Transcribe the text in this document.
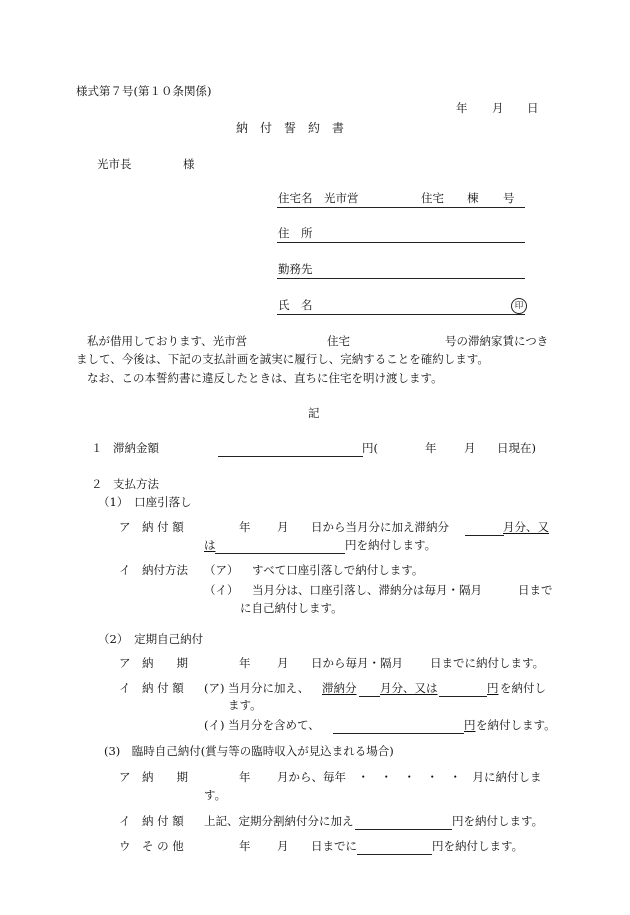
様式第７号(第１０条関係)
年 月 日
納　付　誓　約　書
光市長	様
住宅名 光市営	住宅 棟 号
住　所
勤務先
氏　名	印
私が借用しております、光市営	住宅	号の滞納家賃につき
まして、今後は、下記の支払計画を誠実に履行し、完納することを確約します。
なお、この本誓約書に違反したときは、直ちに住宅を明け渡します。
記
１ 滞納金額	円(	年 月 日現在)
２ 支払方法
（1）　口座引落し
ア　納 付 額	年 月 日から当月分に加え滞納分	月分、又
は	円を納付します。
イ　納付方法 （ア） すべて口座引落しで納付します。
（イ） 当月分は、口座引落し、滞納分は毎月・隔月	日まで
に自己納付します。
（2）　定期自己納付
ア　納　　期	年 月 日から毎月・隔月 日までに納付します。
イ　納 付 額 (ア) 当月分に加え、 滞納分 月分、又は	円 を納付し
ます。
(イ) 当月分を含めて、	円 を納付します。
(3)　臨時自己納付(賞与等の臨時収入が見込まれる場合)
ア　納　　期	年 月から、毎年　・　・　・　・　・　月に納付しま
す。
イ　納 付 額 上記、定期分割納付分に加え	円を納付します。
ウ　そ の 他	年 月 日までに	円を納付します。
